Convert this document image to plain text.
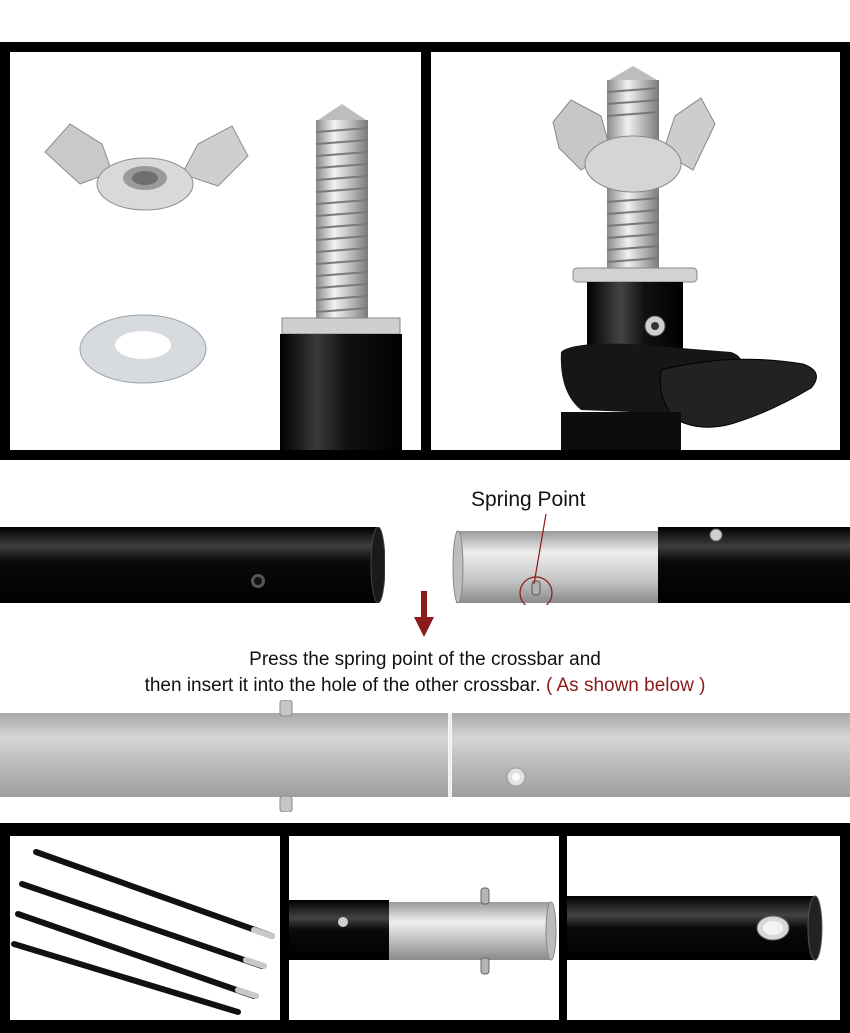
Spring Point
Press the spring point of the crossbar and
then insert it into the hole of the other crossbar. ( As shown below )
